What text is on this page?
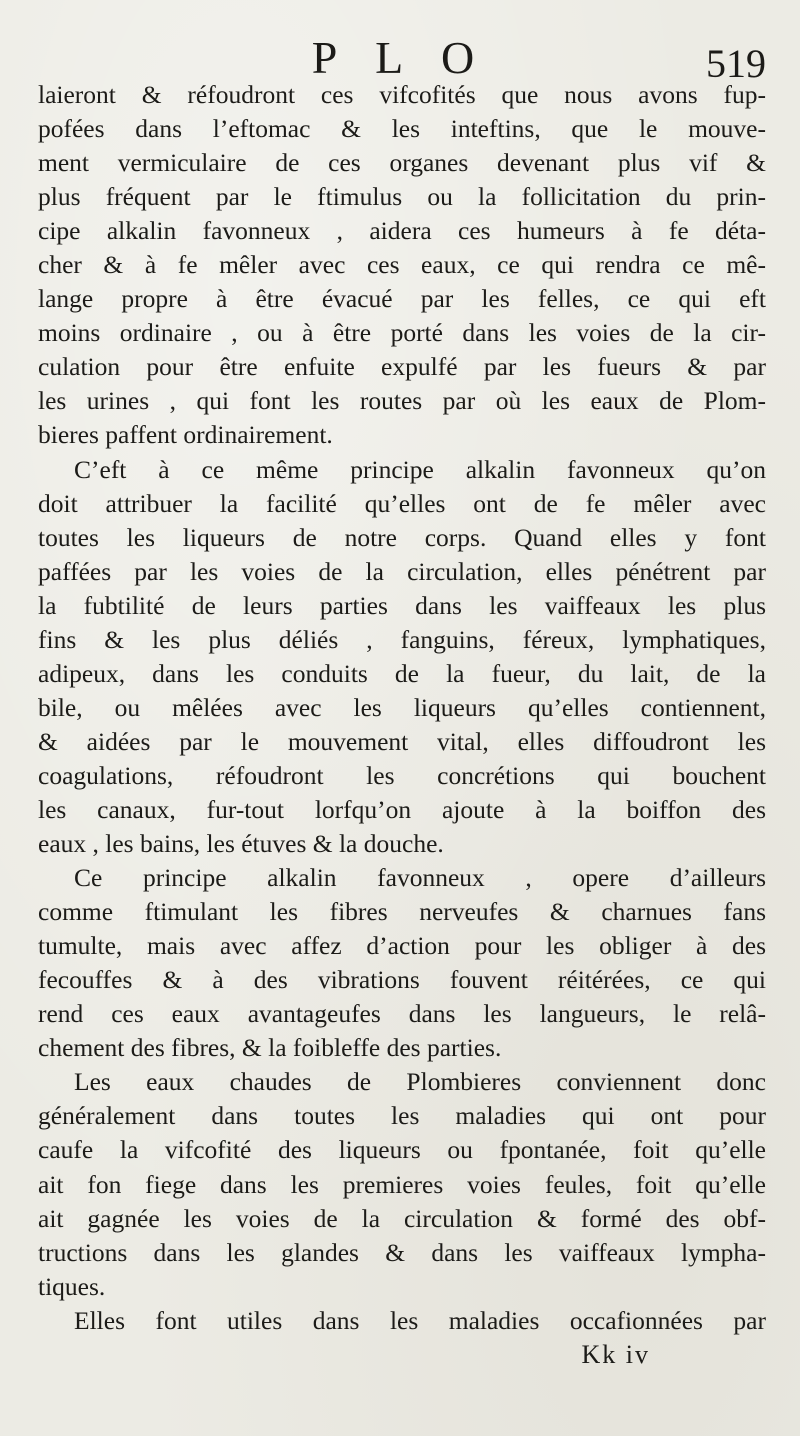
P L O	519
laieront & réfoudront ces vifcofités que nous avons fup-
pofées dans l’eftomac & les inteftins, que le mouve-
ment vermiculaire de ces organes devenant plus vif &
plus fréquent par le ftimulus ou la follicitation du prin-
cipe alkalin favonneux , aidera ces humeurs à fe déta-
cher & à fe mêler avec ces eaux, ce qui rendra ce mê-
lange propre à être évacué par les felles, ce qui eft
moins ordinaire , ou à être porté dans les voies de la cir-
culation pour être enfuite expulfé par les fueurs & par
les urines , qui font les routes par où les eaux de Plom-
bieres paffent ordinairement.
C’eft à ce même principe alkalin favonneux qu’on
doit attribuer la facilité qu’elles ont de fe mêler avec
toutes les liqueurs de notre corps. Quand elles y font
paffées par les voies de la circulation, elles pénétrent par
la fubtilité de leurs parties dans les vaiffeaux les plus
fins & les plus déliés , fanguins, féreux, lymphatiques,
adipeux, dans les conduits de la fueur, du lait, de la
bile, ou mêlées avec les liqueurs qu’elles contiennent,
& aidées par le mouvement vital, elles diffoudront les
coagulations, réfoudront les concrétions qui bouchent
les canaux, fur-tout lorfqu’on ajoute à la boiffon des
eaux , les bains, les étuves & la douche.
Ce principe alkalin favonneux , opere d’ailleurs
comme ftimulant les fibres nerveufes & charnues fans
tumulte, mais avec affez d’action pour les obliger à des
fecouffes & à des vibrations fouvent réitérées, ce qui
rend ces eaux avantageufes dans les langueurs, le relâ-
chement des fibres, & la foibleffe des parties.
Les eaux chaudes de Plombieres conviennent donc
généralement dans toutes les maladies qui ont pour
caufe la vifcofité des liqueurs ou fpontanée, foit qu’elle
ait fon fiege dans les premieres voies feules, foit qu’elle
ait gagnée les voies de la circulation & formé des obf-
tructions dans les glandes & dans les vaiffeaux lympha-
tiques.
Elles font utiles dans les maladies occafionnées par
Kk iv
